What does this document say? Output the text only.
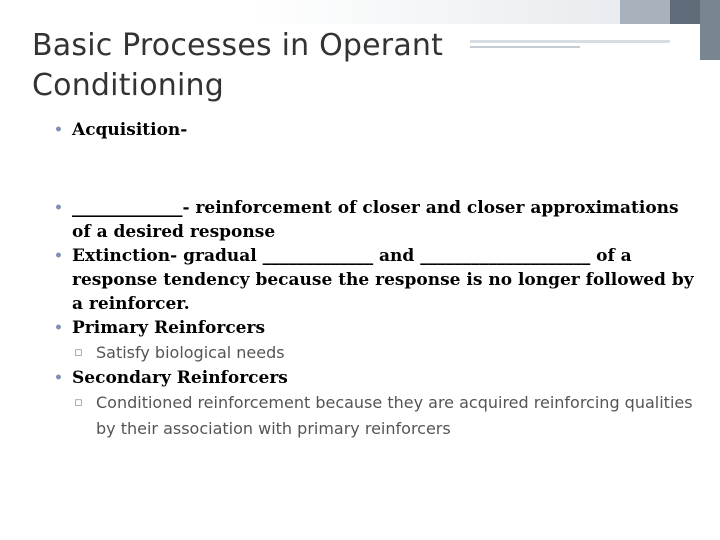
Basic Processes in Operant Conditioning
• Acquisition-
• _____________- reinforcement of closer and closer approximations of a desired response
• Extinction- gradual _____________ and ____________________ of a response tendency because the response is no longer followed by a reinforcer.
• Primary Reinforcers
▫ Satisfy biological needs
• Secondary Reinforcers
▫ Conditioned reinforcement because they are acquired reinforcing qualities by their association with primary reinforcers
